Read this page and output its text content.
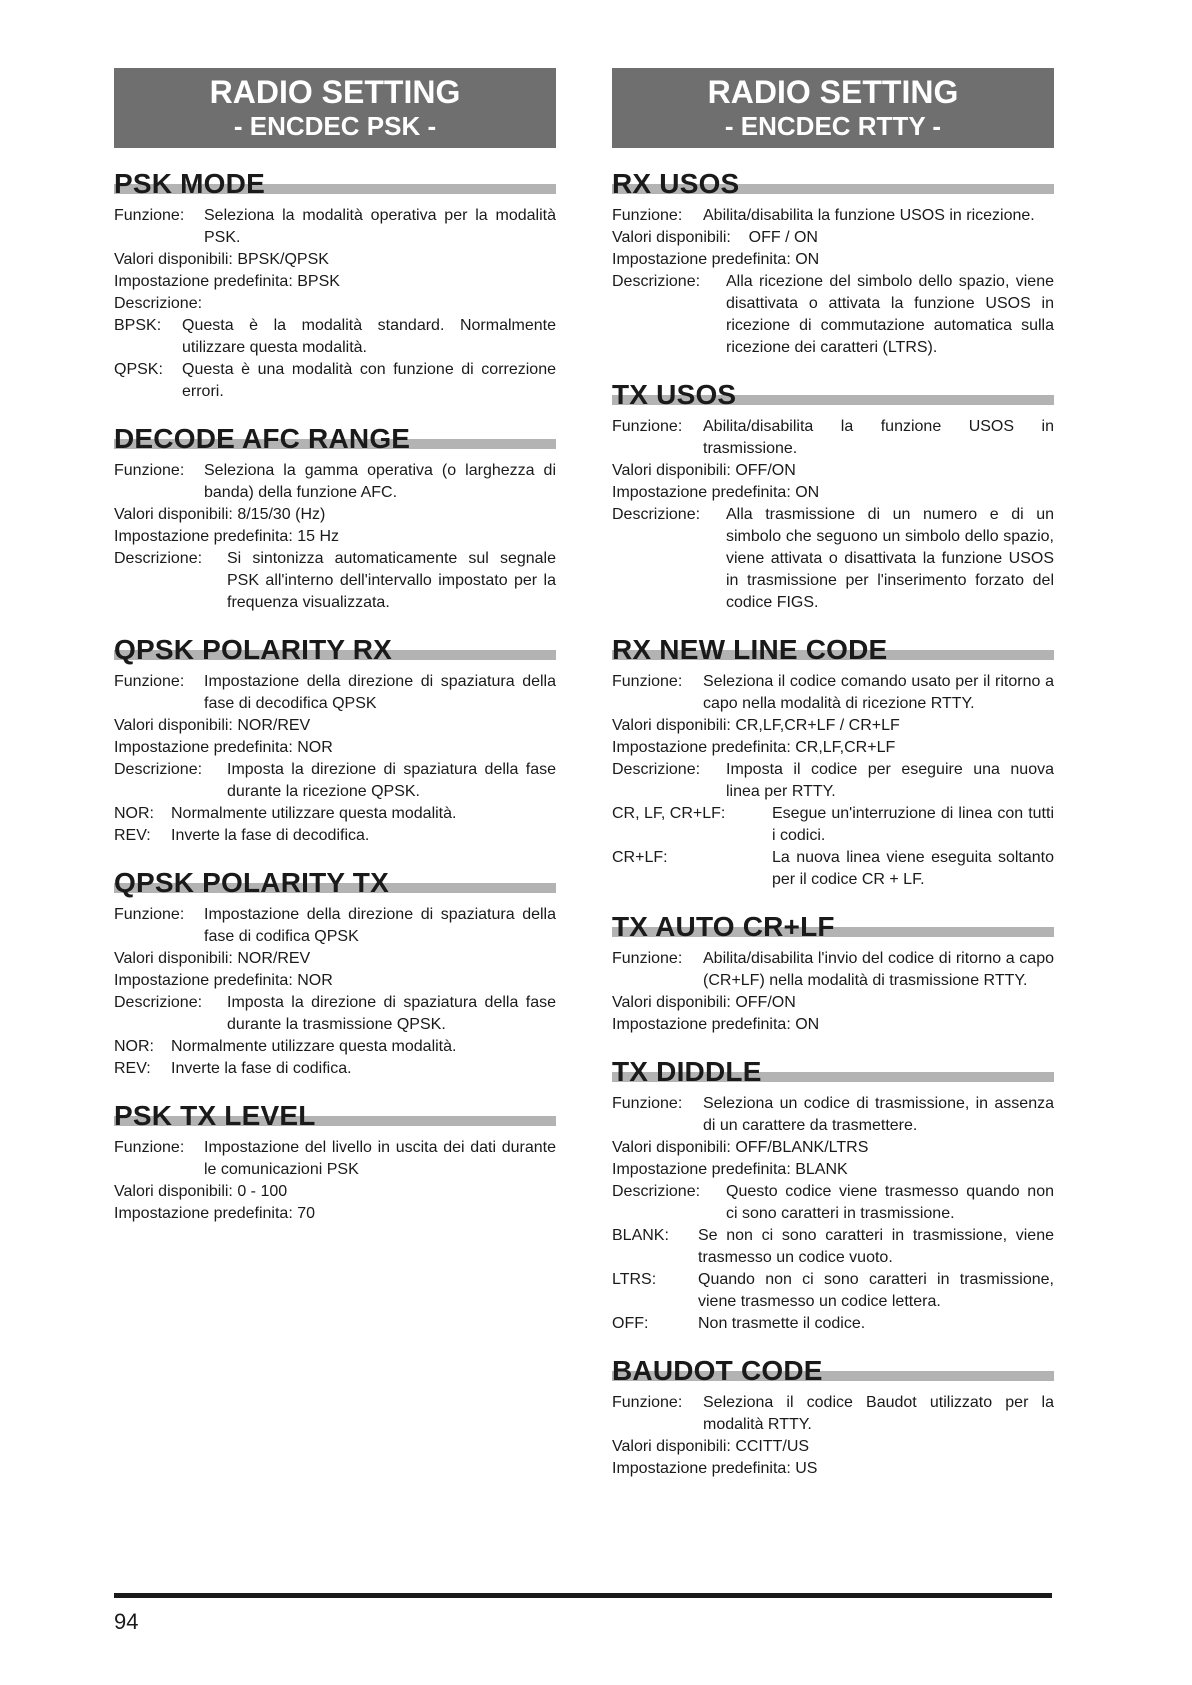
RADIO SETTING
- ENCDEC PSK -
PSK MODE
Funzione: Seleziona la modalità operativa per la modalità PSK.
Valori disponibili: BPSK/QPSK
Impostazione predefinita: BPSK
Descrizione:
BPSK:	Questa è la modalità standard. Normalmente utilizzare questa modalità.
QPSK: Questa è una modalità con funzione di correzione errori.
DECODE AFC RANGE
Funzione: Seleziona la gamma operativa (o larghezza di banda) della funzione AFC.
Valori disponibili: 8/15/30 (Hz)
Impostazione predefinita: 15 Hz
Descrizione:	Si sintonizza automaticamente sul segnale PSK all'interno dell'intervallo impostato per la frequenza visualizzata.
QPSK POLARITY RX
Funzione: Impostazione della direzione di spaziatura della fase di decodifica QPSK
Valori disponibili: NOR/REV
Impostazione predefinita: NOR
Descrizione:	Imposta la direzione di spaziatura della fase durante la ricezione QPSK.
NOR: Normalmente utilizzare questa modalità.
REV: Inverte la fase di decodifica.
QPSK POLARITY TX
Funzione: Impostazione della direzione di spaziatura della fase di codifica QPSK
Valori disponibili: NOR/REV
Impostazione predefinita: NOR
Descrizione:	Imposta la direzione di spaziatura della fase durante la trasmissione QPSK.
NOR: Normalmente utilizzare questa modalità.
REV: Inverte la fase di codifica.
PSK TX LEVEL
Funzione: Impostazione del livello in uscita dei dati durante le comunicazioni PSK
Valori disponibili: 0 - 100
Impostazione predefinita: 70
RADIO SETTING
- ENCDEC RTTY -
RX USOS
Funzione:	Abilita/disabilita la funzione USOS in ricezione.
Valori disponibili:    OFF / ON
Impostazione predefinita: ON
Descrizione:	Alla ricezione del simbolo dello spazio, viene disattivata o attivata la funzione USOS in ricezione di commutazione automatica sulla ricezione dei caratteri (LTRS).
TX USOS
Funzione:	Abilita/disabilita la funzione USOS in trasmissione.
Valori disponibili: OFF/ON
Impostazione predefinita: ON
Descrizione:	Alla trasmissione di un numero e di un simbolo che seguono un simbolo dello spazio, viene attivata o disattivata la funzione USOS in trasmissione per l'inserimento forzato del codice FIGS.
RX NEW LINE CODE
Funzione:	Seleziona il codice comando usato per il ritorno a capo nella modalità di ricezione RTTY.
Valori disponibili: CR,LF,CR+LF / CR+LF
Impostazione predefinita: CR,LF,CR+LF
Descrizione:	Imposta il codice per eseguire una nuova linea per RTTY.
CR, LF, CR+LF:	Esegue un'interruzione di linea con tutti i codici.
CR+LF:	La nuova linea viene eseguita soltanto per il codice CR + LF.
TX AUTO CR+LF
Funzione:	Abilita/disabilita l'invio del codice di ritorno a capo (CR+LF) nella modalità di trasmissione RTTY.
Valori disponibili: OFF/ON
Impostazione predefinita: ON
TX DIDDLE
Funzione:	Seleziona un codice di trasmissione, in assenza di un carattere da trasmettere.
Valori disponibili: OFF/BLANK/LTRS
Impostazione predefinita: BLANK
Descrizione:	Questo codice viene trasmesso quando non ci sono caratteri in trasmissione.
BLANK:	Se non ci sono caratteri in trasmissione, viene trasmesso un codice vuoto.
LTRS:	Quando non ci sono caratteri in trasmissione, viene trasmesso un codice lettera.
OFF:	Non trasmette il codice.
BAUDOT CODE
Funzione:	Seleziona il codice Baudot utilizzato per la modalità RTTY.
Valori disponibili: CCITT/US
Impostazione predefinita: US
94
